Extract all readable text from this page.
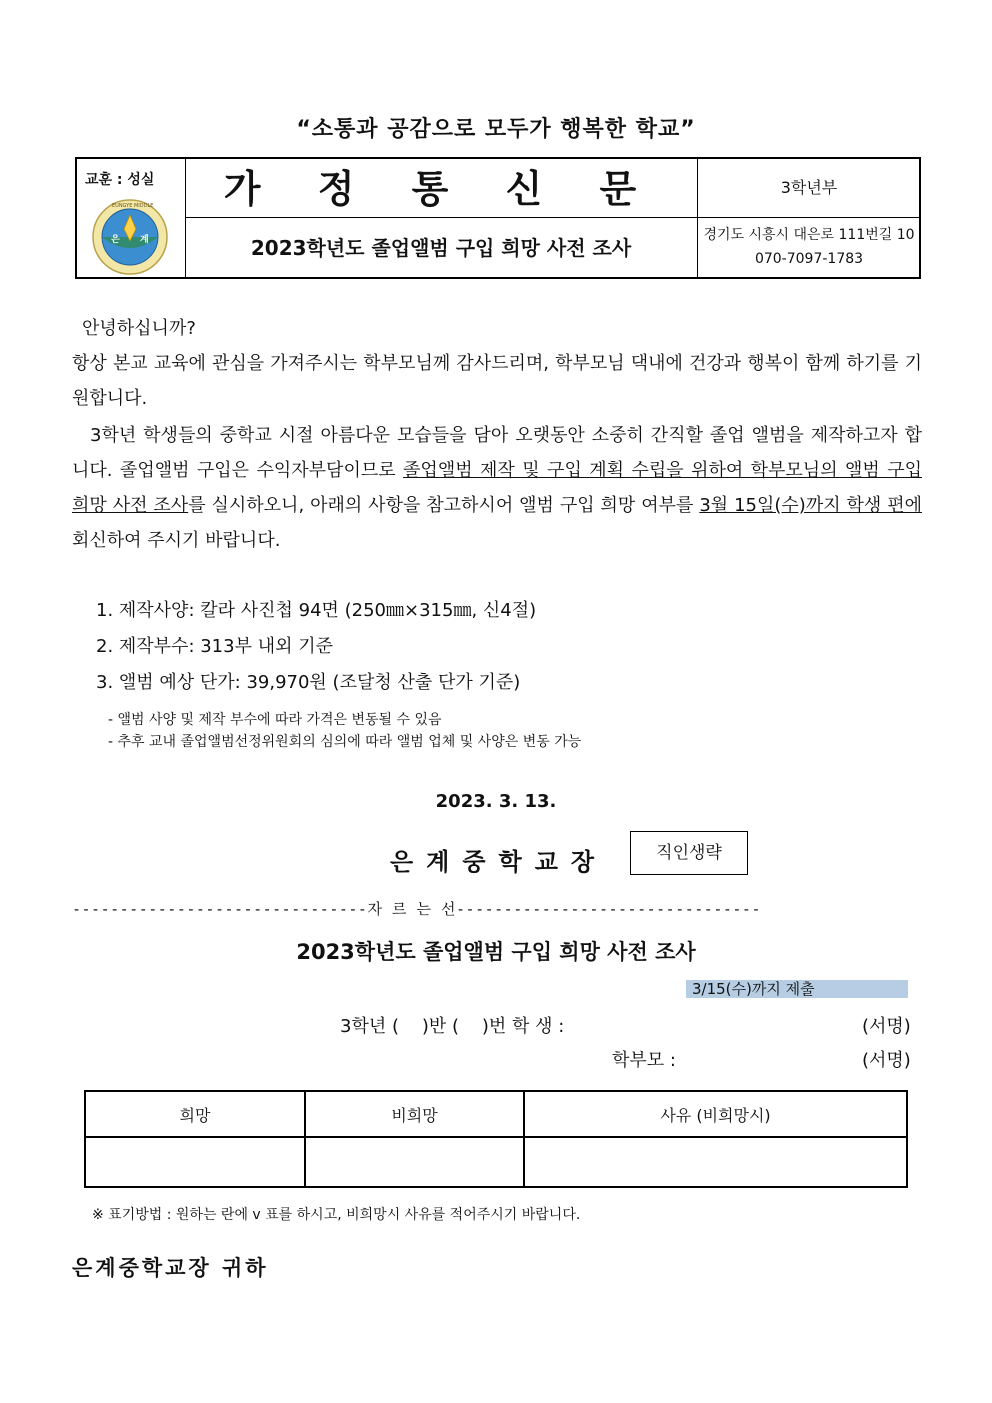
“소통과 공감으로 모두가 행복한 학교”
교훈 : 성실
은 계
EUNGYE MIDDLE	가 정 통 신 문
2023학년도 졸업앨범 구입 희망 사전 조사
3학년부
경기도 시흥시 대은로 111번길 10
070-7097-1783
안녕하십니까?
항상 본교 교육에 관심을 가져주시는 학부모님께 감사드리며, 학부모님 댁내에 건강과 행복이 함께 하기를 기원합니다.
3학년 학생들의 중학교 시절 아름다운 모습들을 담아 오랫동안 소중히 간직할 졸업 앨범을 제작하고자 합니다. 졸업앨범 구입은 수익자부담이므로 졸업앨범 제작 및 구입 계획 수립을 위하여 학부모님의 앨범 구입 희망 사전 조사를 실시하오니, 아래의 사항을 참고하시어 앨범 구입 희망 여부를 3월 15일(수)까지 학생 편에 회신하여 주시기 바랍니다.
1. 제작사양: 칼라 사진첩 94면 (250㎜×315㎜, 신4절)
2. 제작부수: 313부 내외 기준
3. 앨범 예상 단가: 39,970원 (조달청 산출 단가 기준)
- 앨범 사양 및 제작 부수에 따라 가격은 변동될 수 있음
- 추후 교내 졸업앨범선정위원회의 심의에 따라 앨범 업체 및 사양은 변동 가능
2023. 3. 13.
은계중학교장	직인생략
-------------------------------자 르 는 선--------------------------------
2023학년도 졸업앨범 구입 희망 사전 조사
3/15(수)까지 제출
3학년 (    )반 (    )번 학 생 :	(서명)
학부모 :	(서명)
희망	비희망	사유 (비희망시)

※ 표기방법 : 원하는 란에 v 표를 하시고, 비희망시 사유를 적어주시기 바랍니다.
은계중학교장 귀하
